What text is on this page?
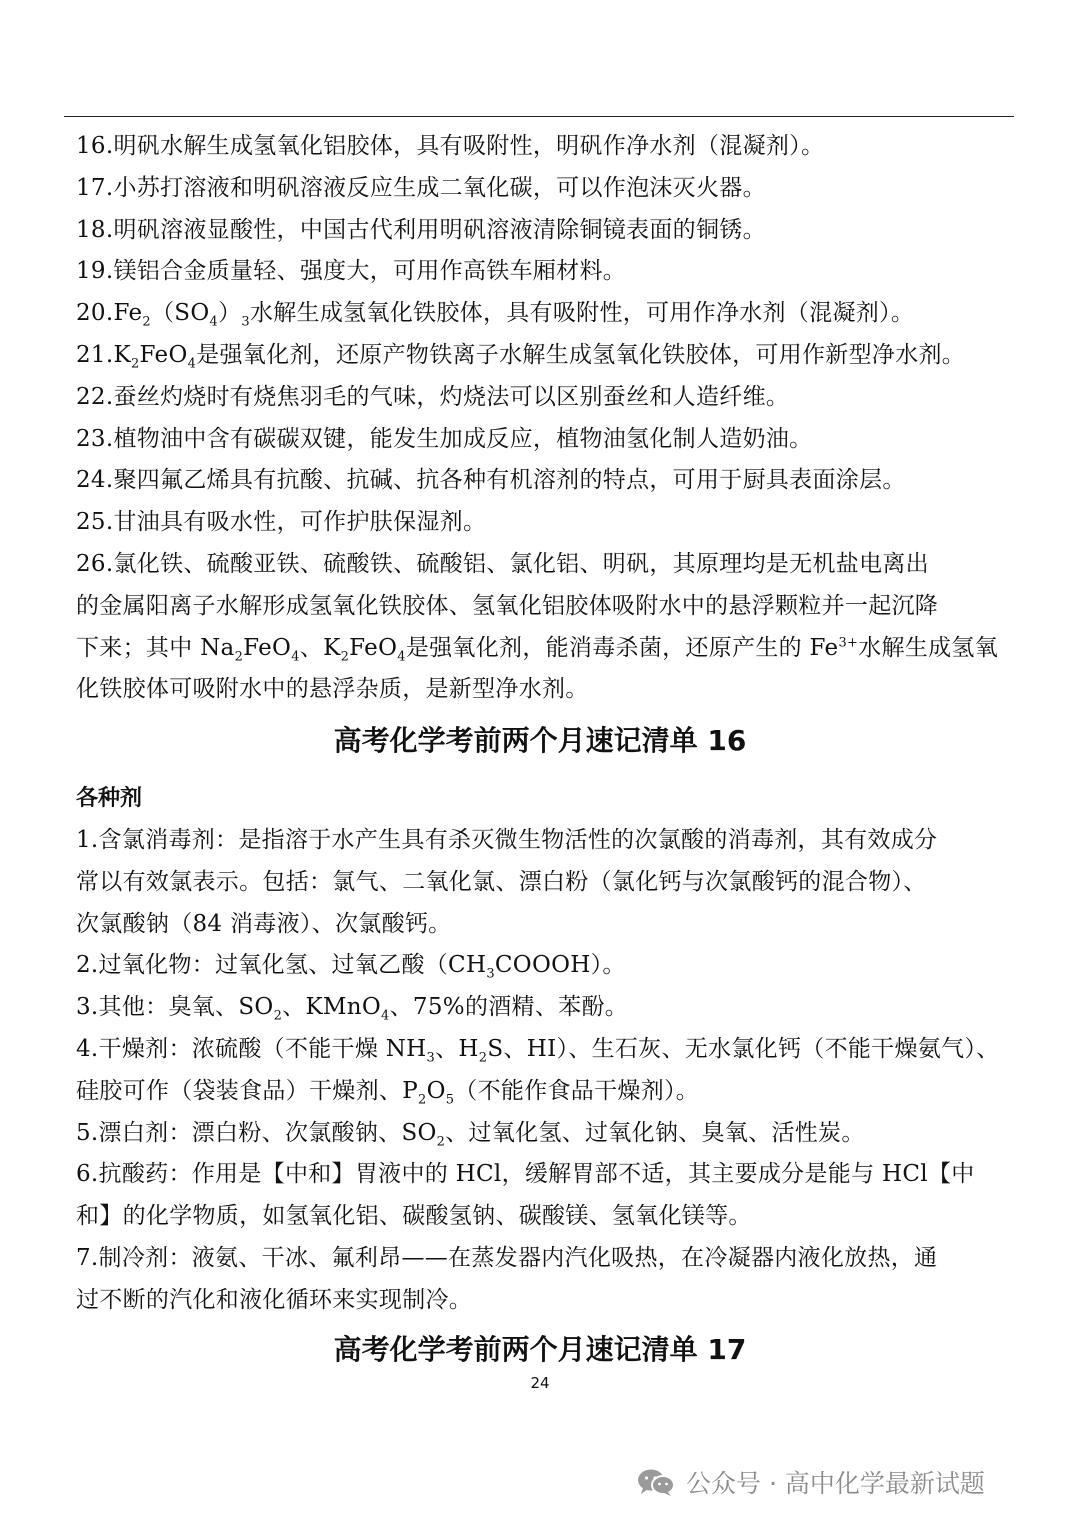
16.明矾水解生成氢氧化铝胶体，具有吸附性，明矾作净水剂（混凝剂）。
17.小苏打溶液和明矾溶液反应生成二氧化碳，可以作泡沫灭火器。
18.明矾溶液显酸性，中国古代利用明矾溶液清除铜镜表面的铜锈。
19.镁铝合金质量轻、强度大，可用作高铁车厢材料。
$20.Fe_2(SO_4)_3$水解生成氢氧化铁胶体，具有吸附性，可用作净水剂（混凝剂）。
$21.K_2FeO_4$是强氧化剂，还原产物铁离子水解生成氢氧化铁胶体，可用作新型净水剂。
22.蚕丝灼烧时有烧焦羽毛的气味，灼烧法可以区别蚕丝和人造纤维。
23.植物油中含有碳碳双键，能发生加成反应，植物油氢化制人造奶油。
24.聚四氟乙烯具有抗酸、抗碱、抗各种有机溶剂的特点，可用于厨具表面涂层。
25.甘油具有吸水性，可作护肤保湿剂。
26.氯化铁、硫酸亚铁、硫酸铁、硫酸铝、氯化铝、明矾，其原理均是无机盐电离出
的金属阳离子水解形成氢氧化铁胶体、氢氧化铝胶体吸附水中的悬浮颗粒并一起沉降
下来；其中 $Na_2FeO_4$、$K_2FeO_4$是强氧化剂，能消毒杀菌，还原产生的 $Fe^{3+}$水解生成氢氧
化铁胶体可吸附水中的悬浮杂质，是新型净水剂。
高考化学考前两个月速记清单 16
各种剂
1.含氯消毒剂：是指溶于水产生具有杀灭微生物活性的次氯酸的消毒剂，其有效成分
常以有效氯表示。包括：氯气、二氧化氯、漂白粉（氯化钙与次氯酸钙的混合物）、
次氯酸钠（84 消毒液）、次氯酸钙。
2.过氧化物：过氧化氢、过氧乙酸$(CH_3COOOH)$。
3.其他：臭氧、$SO_2$、KMnO$_4$、75%的酒精、苯酚。
4.干燥剂：浓硫酸（不能干燥 $NH_3$、$H_2S$、HI）、生石灰、无水氯化钙（不能干燥氨气）、
硅胶可作（袋装食品）干燥剂、$P_2O_5$（不能作食品干燥剂）。
5.漂白剂：漂白粉、次氯酸钠、$SO_2$、过氧化氢、过氧化钠、臭氧、活性炭。
6.抗酸药：作用是【中和】胃液中的 HCl，缓解胃部不适，其主要成分是能与 HCl【中
和】的化学物质，如氢氧化铝、碳酸氢钠、碳酸镁、氢氧化镁等。
7.制冷剂：液氨、干冰、氟利昂——在蒸发器内汽化吸热，在冷凝器内液化放热，通
过不断的汽化和液化循环来实现制冷。
高考化学考前两个月速记清单 17
24
公众号 · 高中化学最新试题
